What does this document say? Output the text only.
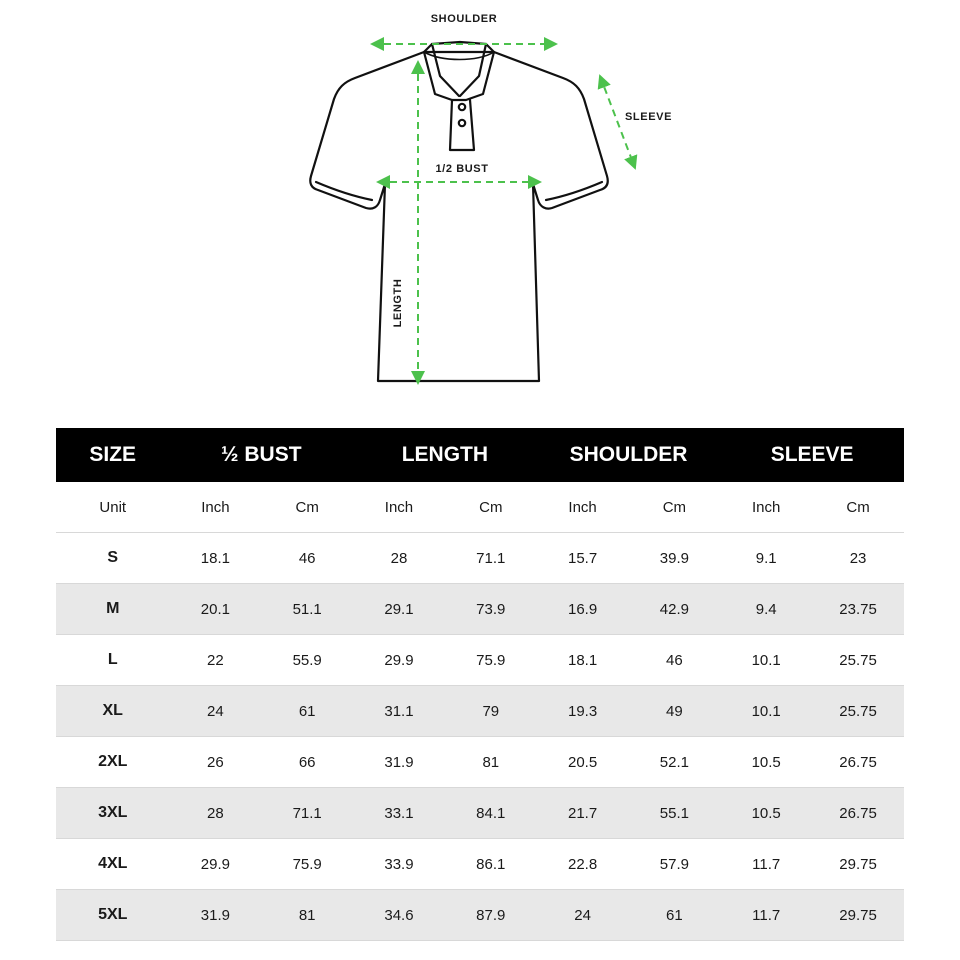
SHOULDER
SLEEVE
1/2 BUST
LENGTH
SIZE	½ BUST		LENGTH		SHOULDER		SLEEVE	
Unit	Inch	Cm	Inch	Cm	Inch	Cm	Inch	Cm
S	18.1	46	28	71.1	15.7	39.9	9.1	23
M	20.1	51.1	29.1	73.9	16.9	42.9	9.4	23.75
L	22	55.9	29.9	75.9	18.1	46	10.1	25.75
XL	24	61	31.1	79	19.3	49	10.1	25.75
2XL	26	66	31.9	81	20.5	52.1	10.5	26.75
3XL	28	71.1	33.1	84.1	21.7	55.1	10.5	26.75
4XL	29.9	75.9	33.9	86.1	22.8	57.9	11.7	29.75
5XL	31.9	81	34.6	87.9	24	61	11.7	29.75
